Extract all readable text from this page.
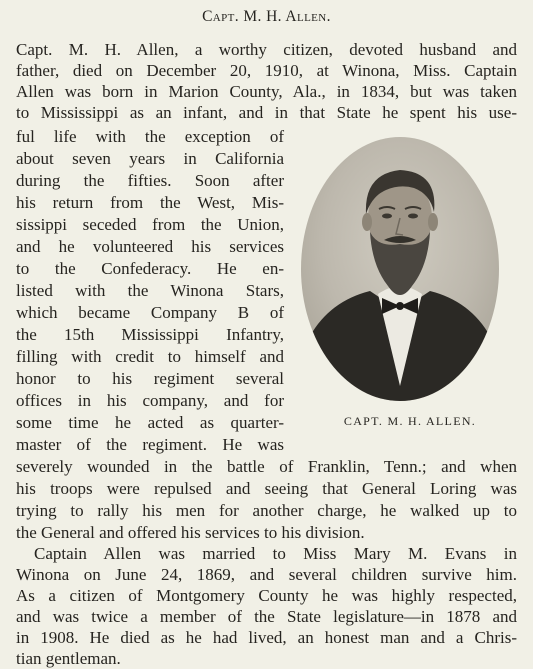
Capt. M. H. Allen.
Capt. M. H. Allen, a worthy citizen, devoted husband and
father, died on December 20, 1910, at Winona, Miss. Captain
Allen was born in Marion County, Ala., in 1834, but was taken
to Mississippi as an infant, and in that State he spent his use-
ful life with the exception of
about seven years in California
during the fifties. Soon after
his return from the West, Mis-
sissippi seceded from the Union,
and he volunteered his services
to the Confederacy. He en-
listed with the Winona Stars,
which became Company B of
the 15th Mississippi Infantry,
filling with credit to himself and
honor to his regiment several
offices in his company, and for
some time he acted as quarter-
master of the regiment. He was
severely wounded in the battle of Franklin, Tenn.; and when
his troops were repulsed and seeing that General Loring was
trying to rally his men for another charge, he walked up to
the General and offered his services to his division.
Captain Allen was married to Miss Mary M. Evans in
Winona on June 24, 1869, and several children survive him.
As a citizen of Montgomery County he was highly respected,
and was twice a member of the State legislature—in 1878 and
in 1908. He died as he had lived, an honest man and a Chris-
tian gentleman.
CAPT. M. H. ALLEN.
